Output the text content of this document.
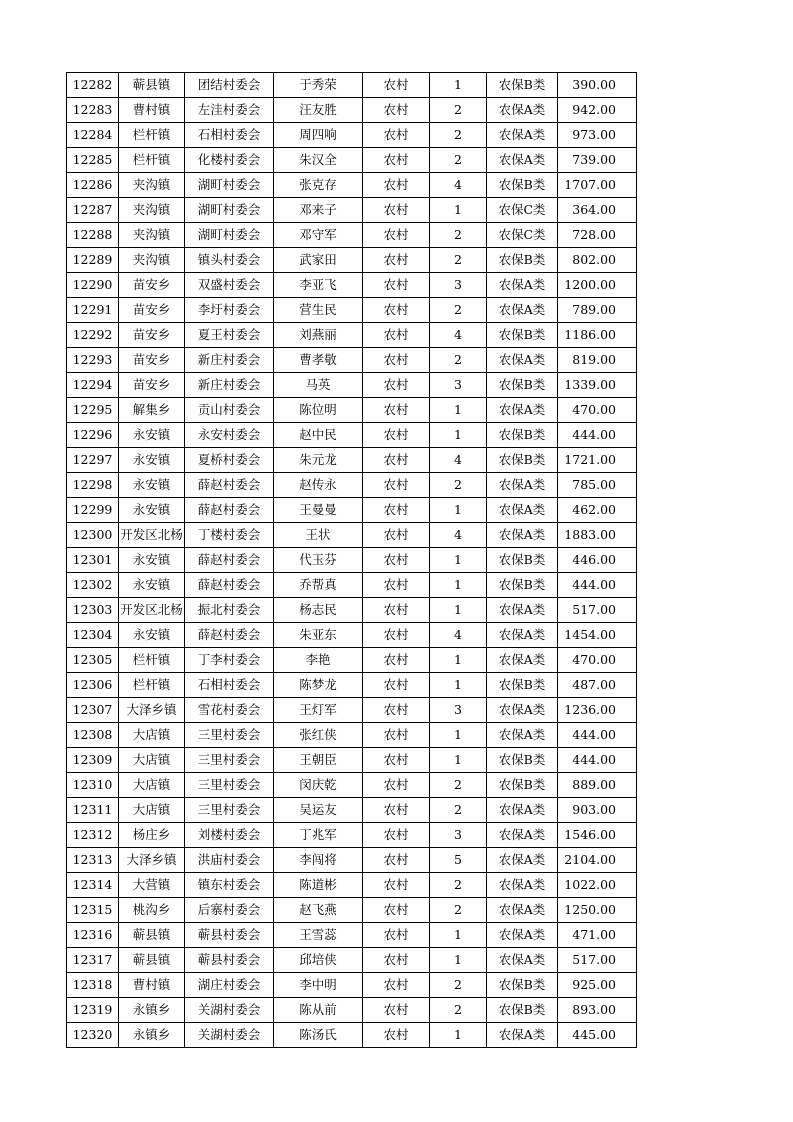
12282	蕲县镇	团结村委会	于秀荣	农村	1	农保B类	390.00
12283	曹村镇	左洼村委会	汪友胜	农村	2	农保A类	942.00
12284	栏杆镇	石相村委会	周四响	农村	2	农保A类	973.00
12285	栏杆镇	化楼村委会	朱汉全	农村	2	农保A类	739.00
12286	夹沟镇	湖町村委会	张克存	农村	4	农保B类	1707.00
12287	夹沟镇	湖町村委会	邓来子	农村	1	农保C类	364.00
12288	夹沟镇	湖町村委会	邓守军	农村	2	农保C类	728.00
12289	夹沟镇	镇头村委会	武家田	农村	2	农保B类	802.00
12290	苗安乡	双盛村委会	李亚飞	农村	3	农保A类	1200.00
12291	苗安乡	李圩村委会	营生民	农村	2	农保A类	789.00
12292	苗安乡	夏王村委会	刘燕丽	农村	4	农保B类	1186.00
12293	苗安乡	新庄村委会	曹孝敬	农村	2	农保A类	819.00
12294	苗安乡	新庄村委会	马英	农村	3	农保B类	1339.00
12295	解集乡	贡山村委会	陈位明	农村	1	农保A类	470.00
12296	永安镇	永安村委会	赵中民	农村	1	农保B类	444.00
12297	永安镇	夏桥村委会	朱元龙	农村	4	农保B类	1721.00
12298	永安镇	薛赵村委会	赵传永	农村	2	农保A类	785.00
12299	永安镇	薛赵村委会	王曼曼	农村	1	农保A类	462.00
12300	开发区北杨	丁楼村委会	王状	农村	4	农保A类	1883.00
12301	永安镇	薛赵村委会	代玉芬	农村	1	农保B类	446.00
12302	永安镇	薛赵村委会	乔帮真	农村	1	农保B类	444.00
12303	开发区北杨	振北村委会	杨志民	农村	1	农保A类	517.00
12304	永安镇	薛赵村委会	朱亚东	农村	4	农保A类	1454.00
12305	栏杆镇	丁李村委会	李艳	农村	1	农保A类	470.00
12306	栏杆镇	石相村委会	陈梦龙	农村	1	农保B类	487.00
12307	大泽乡镇	雪花村委会	王灯军	农村	3	农保A类	1236.00
12308	大店镇	三里村委会	张红侠	农村	1	农保A类	444.00
12309	大店镇	三里村委会	王朝臣	农村	1	农保B类	444.00
12310	大店镇	三里村委会	闵庆乾	农村	2	农保B类	889.00
12311	大店镇	三里村委会	吴运友	农村	2	农保A类	903.00
12312	杨庄乡	刘楼村委会	丁兆军	农村	3	农保A类	1546.00
12313	大泽乡镇	洪庙村委会	李闯将	农村	5	农保A类	2104.00
12314	大营镇	镇东村委会	陈道彬	农村	2	农保A类	1022.00
12315	桃沟乡	后寨村委会	赵飞燕	农村	2	农保A类	1250.00
12316	蕲县镇	蕲县村委会	王雪蕊	农村	1	农保A类	471.00
12317	蕲县镇	蕲县村委会	邱培侠	农村	1	农保A类	517.00
12318	曹村镇	湖庄村委会	李中明	农村	2	农保B类	925.00
12319	永镇乡	关湖村委会	陈从前	农村	2	农保B类	893.00
12320	永镇乡	关湖村委会	陈汤氏	农村	1	农保A类	445.00
